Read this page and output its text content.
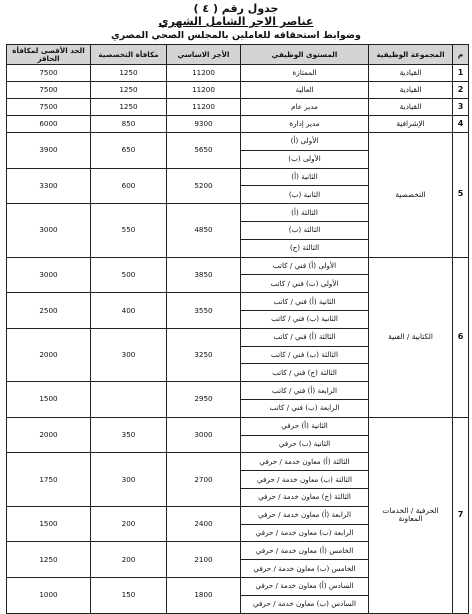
جدول رقم ( ٤ )
عناصر الاجر الشامل الشهري
وضوابط استحقاقه للعاملين بالمجلس الصحي المصري
الحد الأقصى لمكافأة الحافز	مكافأة التخصصية	الأجر الاساسي	المستوى الوظيفي	المجموعة الوظيفية	م
7500	1250	11200	الممتازة	القيادية	1
7500	1250	11200	العالية	القيادية	2
7500	1250	11200	مدير عام	القيادية	3
6000	850	9300	مدير إدارة	الإشرافية	4
3900	650	5650	الأولى (أ)	التخصصية	5
			الأولى (ب)		
3300	600	5200	الثانية (أ)		
			الثانية (ب)		
3000	550	4850	الثالثة (أ)		
			الثالثة (ب)		
			الثالثة (ج)		
3000	500	3850	الأولى (أ) فني / كاتب	الكتابية / الفنية	6
			الأولى (ب) فني / كاتب		
2500	400	3550	الثانية (أ) فني / كاتب		
			الثانية (ب) فني / كاتب		
2000	300	3250	الثالثة (أ) فني / كاتب		
			الثالثة (ب) فني / كاتب		
			الثالثة (ج) فني / كاتب		
1500		2950	الرابعة (أ) فني / كاتب		
			الرابعة (ب) فني / كاتب		
2000	350	3000	الثانية (أ) حرفي	الحرفية / الخدمات المعاونة	7
			الثانية (ب) حرفي		
1750	300	2700	الثالثة (أ) معاون خدمة / حرفي		
			الثالثة (ب) معاون خدمة / حرفي		
			الثالثة (ج) معاون خدمة / حرفي		
1500	200	2400	الرابعة (أ) معاون خدمة / حرفي		
			الرابعة (ب) معاون خدمة / حرفي		
1250	200	2100	الخامس (أ) معاون خدمة / حرفي		
			الخامس (ب) معاون خدمة / حرفي		
1000	150	1800	السادس (أ) معاون خدمة / حرفي		
			السادس (ب) معاون خدمة / حرفي		
